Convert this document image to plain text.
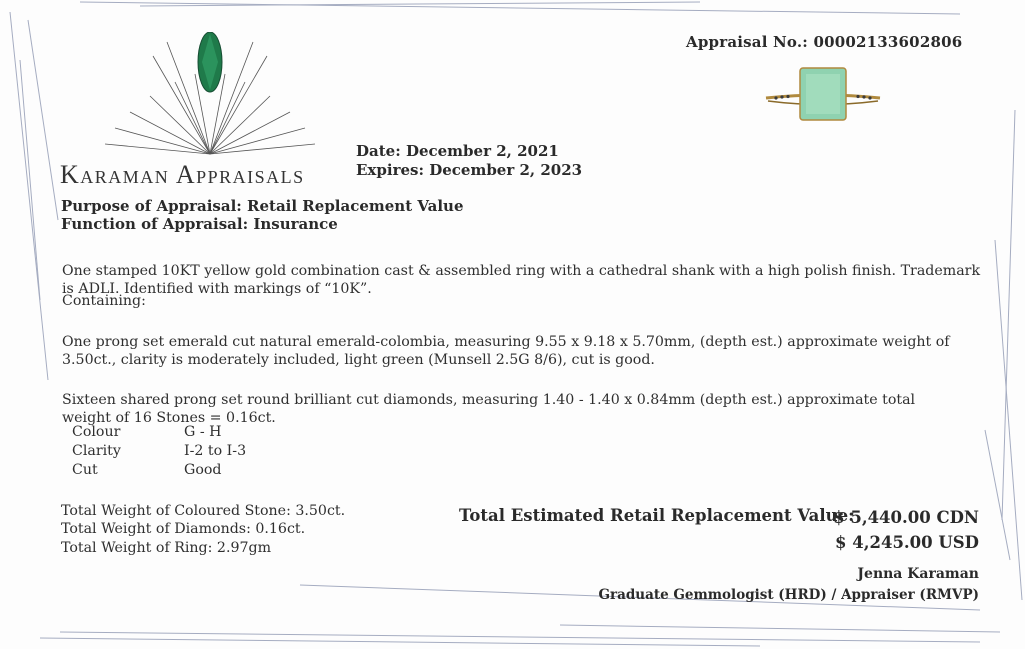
Appraisal No.: 00002133602806
Karaman Appraisals
Date: December 2, 2021
Expires: December 2, 2023
Purpose of Appraisal: Retail Replacement Value
Function of Appraisal: Insurance
One stamped 10KT yellow gold combination cast & assembled ring with a cathedral shank with a high polish finish. Trademark is ADLI. Identified with markings of “10K”.
Containing:
One prong set emerald cut natural emerald-colombia, measuring 9.55 x 9.18 x 5.70mm, (depth est.) approximate weight of 3.50ct., clarity is moderately included, light green (Munsell 2.5G 8/6), cut is good.
Sixteen shared prong set round brilliant cut diamonds, measuring 1.40 - 1.40 x 0.84mm (depth est.) approximate total weight of 16 Stones = 0.16ct.
Colour	G - H
Clarity	I-2 to I-3
Cut	Good
Total Weight of Coloured Stone: 3.50ct.
Total Weight of Diamonds: 0.16ct.
Total Weight of Ring: 2.97gm
Total Estimated Retail Replacement Value:
$ 5,440.00 CDN
$ 4,245.00 USD
Jenna Karaman
Graduate Gemmologist (HRD) / Appraiser (RMVP)
